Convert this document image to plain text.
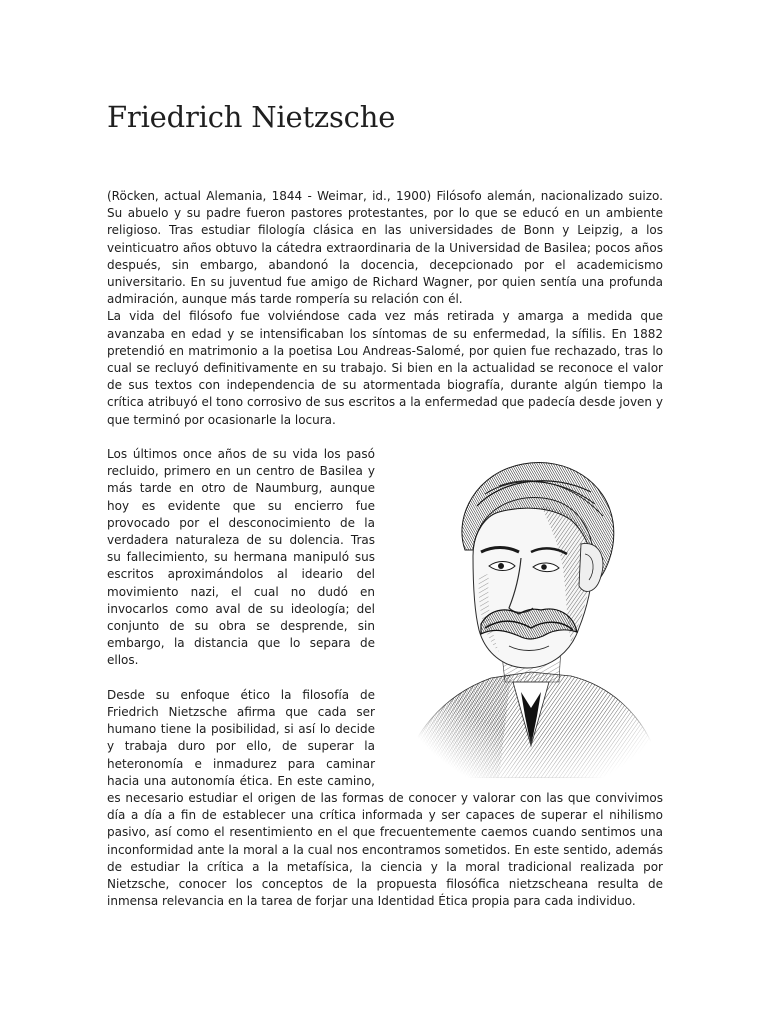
Friedrich Nietzsche

(Röcken, actual Alemania, 1844 - Weimar, id., 1900) Filósofo alemán, nacionalizado suizo. Su abuelo y su padre fueron pastores protestantes, por lo que se educó en un ambiente religioso. Tras estudiar filología clásica en las universidades de Bonn y Leipzig, a los veinticuatro años obtuvo la cátedra extraordinaria de la Universidad de Basilea; pocos años después, sin embargo, abandonó la docencia, decepcionado por el academicismo universitario. En su juventud fue amigo de Richard Wagner, por quien sentía una profunda admiración, aunque más tarde rompería su relación con él.

La vida del filósofo fue volviéndose cada vez más retirada y amarga a medida que avanzaba en edad y se intensificaban los síntomas de su enfermedad, la sífilis. En 1882 pretendió en matrimonio a la poetisa Lou Andreas-Salomé, por quien fue rechazado, tras lo cual se recluyó definitivamente en su trabajo. Si bien en la actualidad se reconoce el valor de sus textos con independencia de su atormentada biografía, durante algún tiempo la crítica atribuyó el tono corrosivo de sus escritos a la enfermedad que padecía desde joven y que terminó por ocasionarle la locura.

Los últimos once años de su vida los pasó recluido, primero en un centro de Basilea y más tarde en otro de Naumburg, aunque hoy es evidente que su encierro fue provocado por el desconocimiento de la verdadera naturaleza de su dolencia. Tras su fallecimiento, su hermana manipuló sus escritos aproximándolos al ideario del movimiento nazi, el cual no dudó en invocarlos como aval de su ideología; del conjunto de su obra se desprende, sin embargo, la distancia que lo separa de ellos.

Desde su enfoque ético la filosofía de Friedrich Nietzsche afirma que cada ser humano tiene la posibilidad, si así lo decide y trabaja duro por ello, de superar la heteronomía e inmadurez para caminar hacia una autonomía ética. En este camino, es necesario estudiar el origen de las formas de conocer y valorar con las que convivimos día a día a fin de establecer una crítica informada y ser capaces de superar el nihilismo pasivo, así como el resentimiento en el que frecuentemente caemos cuando sentimos una inconformidad ante la moral a la cual nos encontramos sometidos. En este sentido, además de estudiar la crítica a la metafísica, la ciencia y la moral tradicional realizada por Nietzsche, conocer los conceptos de la propuesta filosófica nietzscheana resulta de inmensa relevancia en la tarea de forjar una Identidad Ética propia para cada individuo.
